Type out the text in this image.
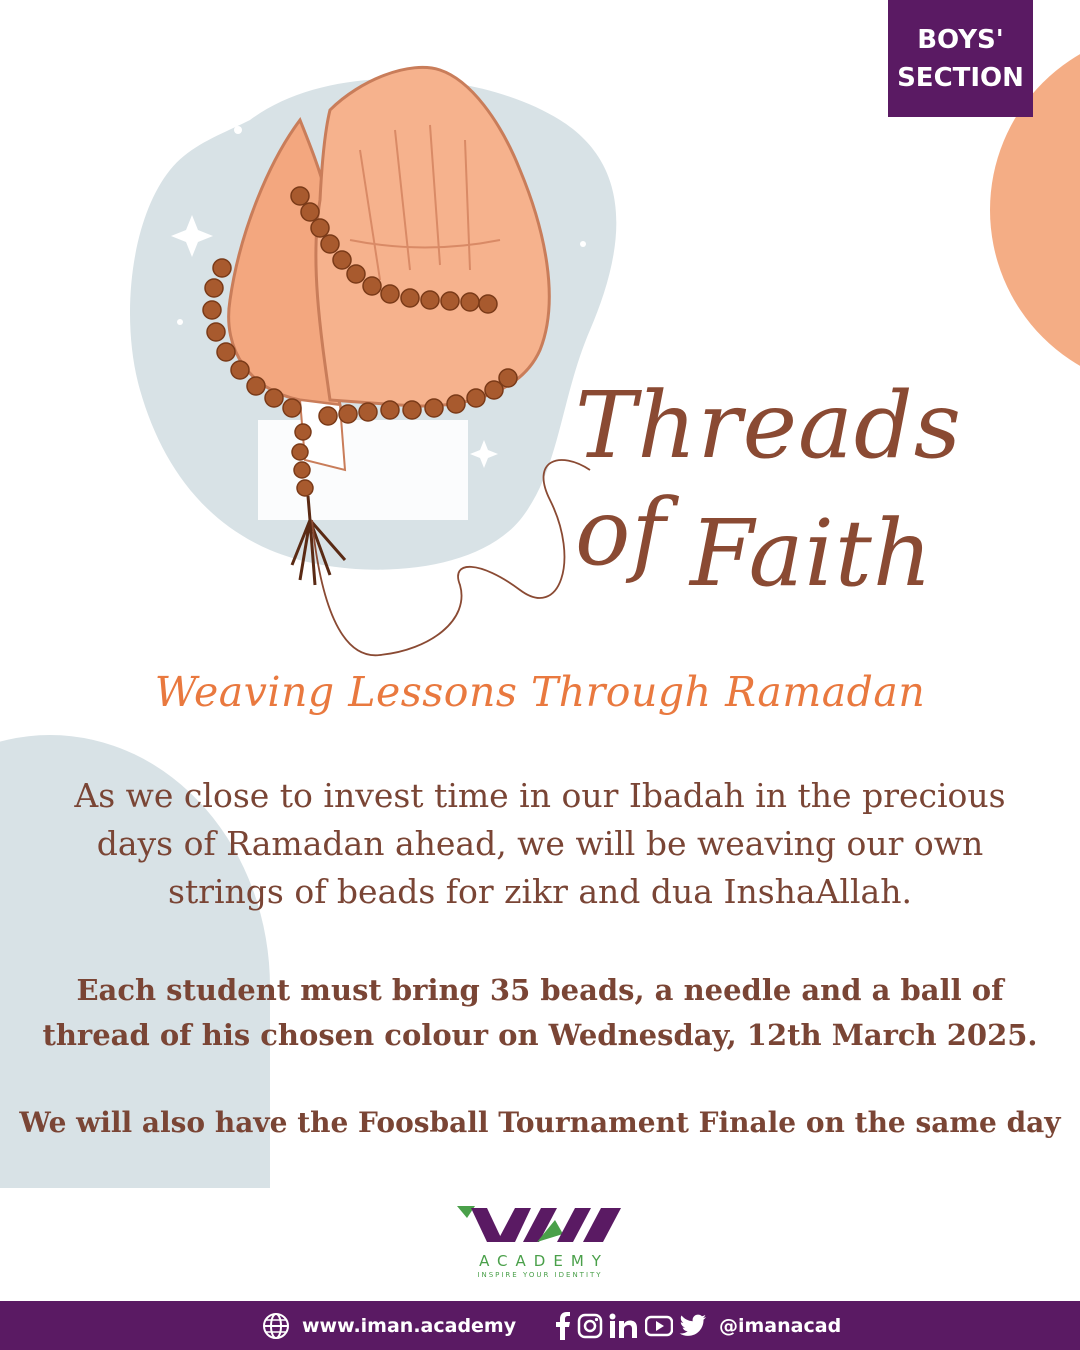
BOYS'
SECTION
Threads of Faith
Weaving Lessons Through Ramadan
As we close to invest time in our Ibadah in the precious days of Ramadan ahead, we will be weaving our own strings of beads for zikr and dua InshaAllah.
Each student must bring 35 beads, a needle and a ball of thread of his chosen colour on Wednesday, 12th March 2025.
We will also have the Foosball Tournament Finale on the same day
ACADEMY
INSPIRE YOUR IDENTITY
www.iman.academy	@imanacad
